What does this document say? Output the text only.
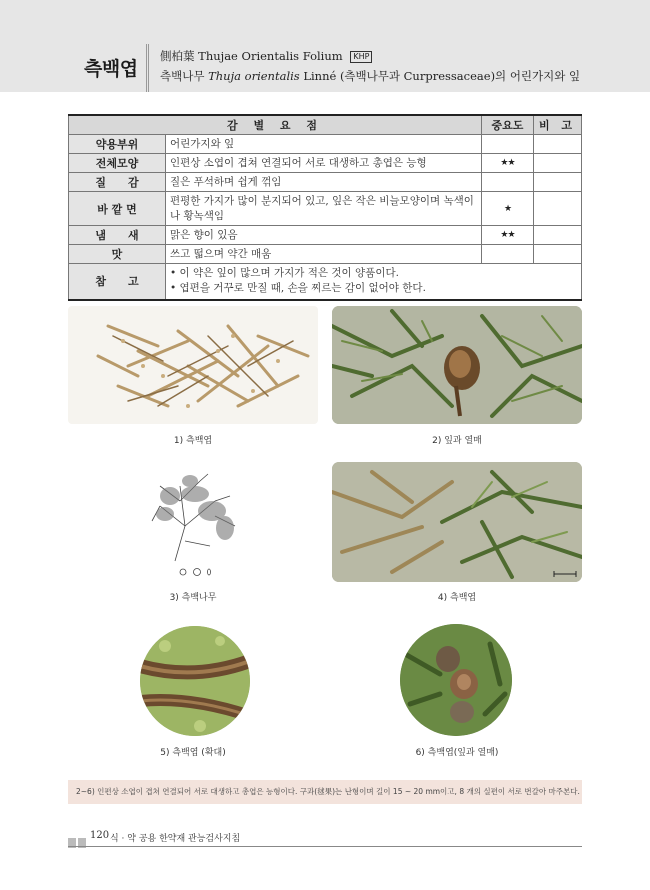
측백엽
側柏葉 Thujae Orientalis Folium KHP
측백나무 Thuja orientalis Linné (측백나무과 Curpressaceae)의 어린가지와 잎
감 별 요 점		중요도	비 고
약용부위	어린가지와 잎		
전체모양	인편상 소엽이 겹쳐 연결되어 서로 대생하고 총엽은 능형	★★	
질　　감	질은 푸석하며 쉽게 꺾임		
바 깥 면	편평한 가지가 많이 분지되어 있고, 잎은 작은 비늘모양이며 녹색이나 황녹색임	★	
냄　　새	맑은 향이 있음	★★	
맛	쓰고 떫으며 약간 매움		
참　　고	• 이 약은 잎이 많으며 가지가 적은 것이 양품이다.
• 엽편을 거꾸로 만질 때, 손을 찌르는 감이 없어야 한다.		
1) 측백엽	2) 잎과 열매
3) 측백나무	4) 측백엽
5) 측백엽 (확대)	6) 측백엽(잎과 열매)
2~6) 인편상 소엽이 겹쳐 연결되어 서로 대생하고 총엽은 능형이다. 구과(毬果)는 난형이며 길이 15 ~ 20 mm이고, 8 개의 실편이 서로 번갈아 마주본다.
120 식 · 약 공용 한약재 관능검사지침
